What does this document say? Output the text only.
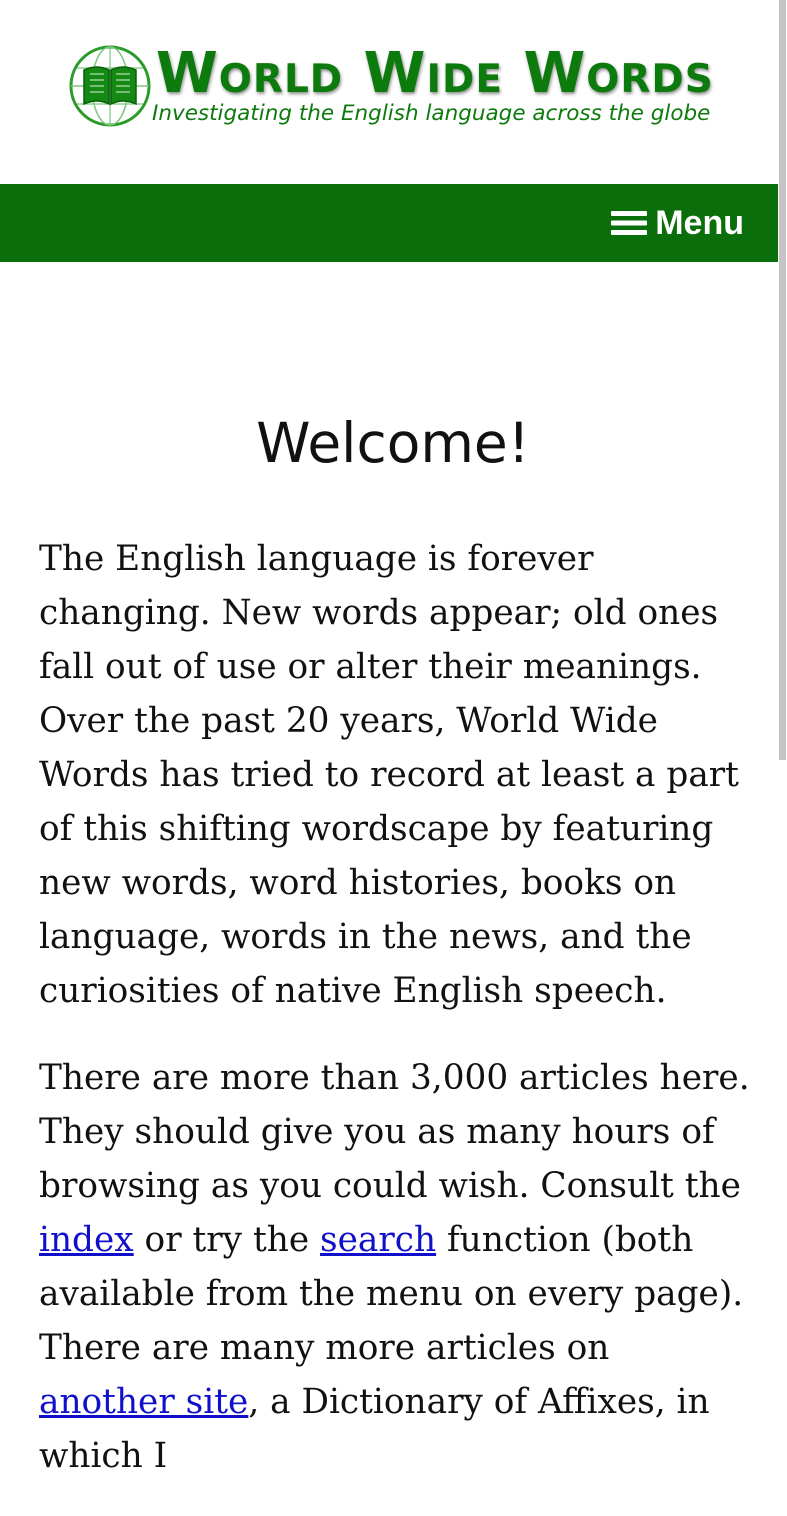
World Wide Words
Investigating the English language across the globe
Menu
Welcome!

The English language is forever changing. New words appear; old ones fall out of use or alter their meanings. Over the past 20 years, World Wide Words has tried to record at least a part of this shifting wordscape by featuring new words, word histories, books on language, words in the news, and the curiosities of native English speech.

There are more than 3,000 articles here. They should give you as many hours of browsing as you could wish. Consult the index or try the search function (both available from the menu on every page). There are many more articles on another site, a Dictionary of Affixes, in which I
